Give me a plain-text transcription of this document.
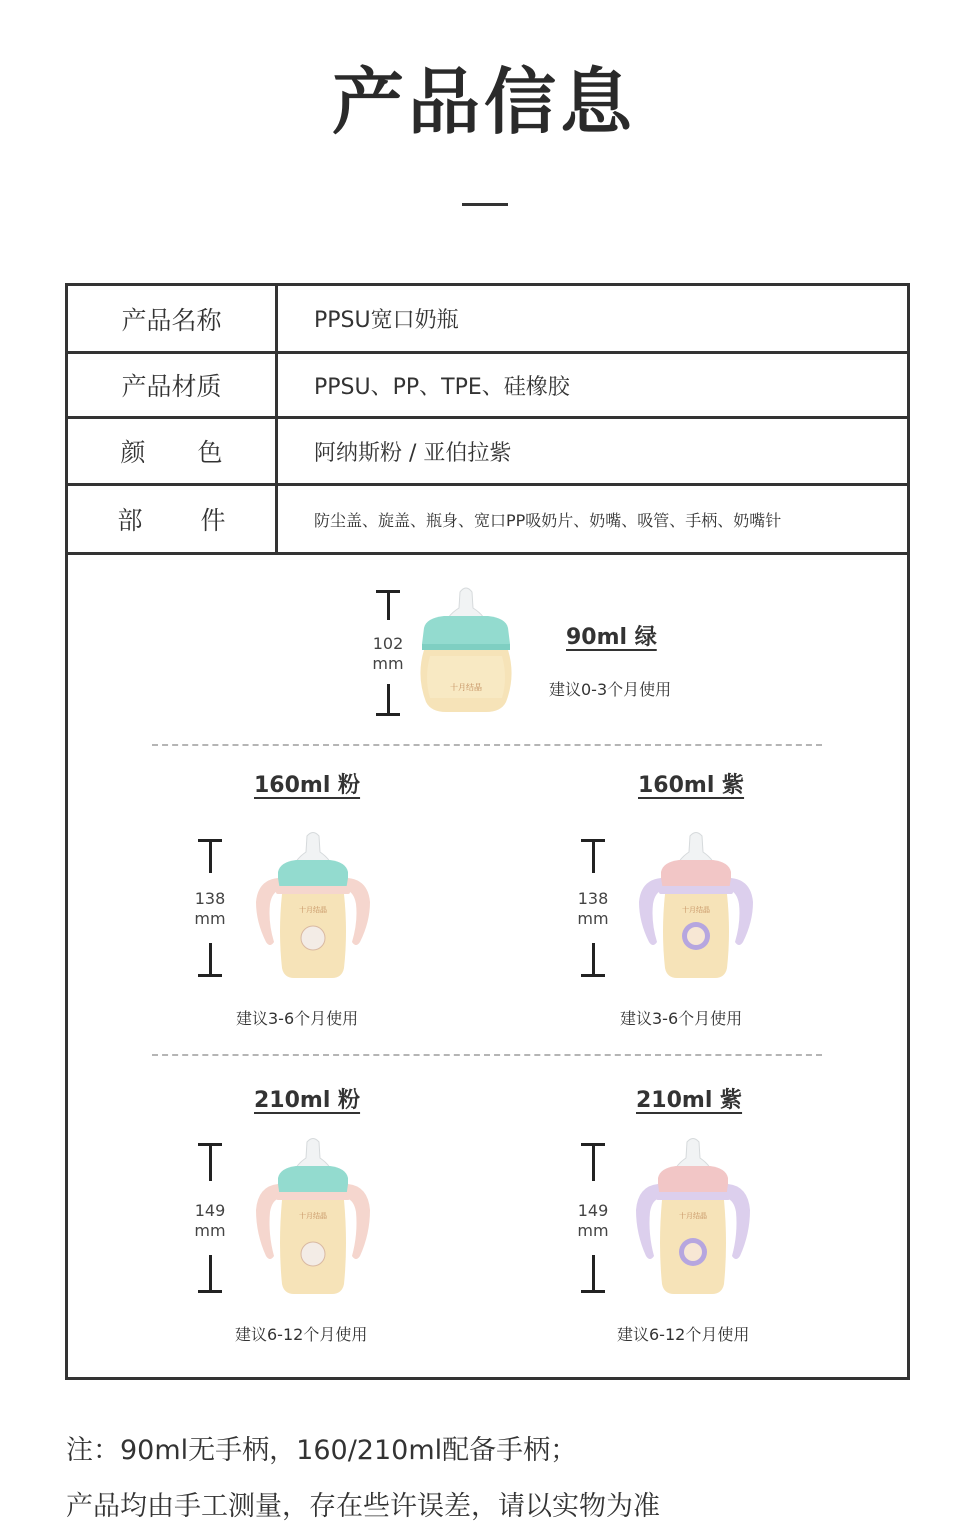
产品信息
产品名称	PPSU宽口奶瓶
产品材质	PPSU、PP、TPE、硅橡胶
颜 色	阿纳斯粉 / 亚伯拉紫
部 件	防尘盖、旋盖、瓶身、宽口PP吸奶片、奶嘴、吸管、手柄、奶嘴针
102
mm
十月结晶
90ml 绿
建议0-3个月使用
160ml 粉
138
mm	十月结晶
建议3-6个月使用
160ml 紫
138
mm	十月结晶
建议3-6个月使用
210ml 粉
149
mm
十月结晶
建议6-12个月使用
210ml 紫
149
mm
十月结晶
建议6-12个月使用
注：90ml无手柄，160/210ml配备手柄；
产品均由手工测量，存在些许误差，请以实物为准
